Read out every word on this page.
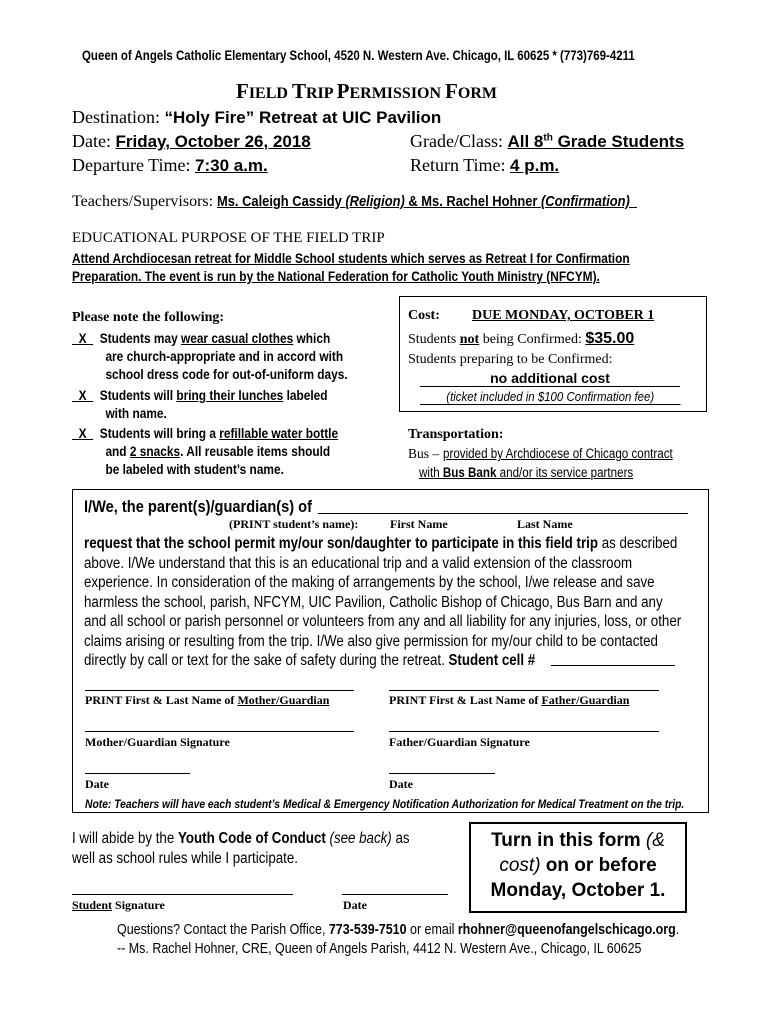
Queen of Angels Catholic Elementary School, 4520 N. Western Ave. Chicago, IL 60625 * (773)769-4211
FIELD TRIP PERMISSION FORM
Destination: “Holy Fire” Retreat at UIC Pavilion
Date: Friday, October 26, 2018	Grade/Class: All 8th Grade Students
Departure Time: 7:30 a.m.	Return Time: 4 p.m.
Teachers/Supervisors: Ms. Caleigh Cassidy (Religion) & Ms. Rachel Hohner (Confirmation)
EDUCATIONAL PURPOSE OF THE FIELD TRIP
Attend Archdiocesan retreat for Middle School students which serves as Retreat I for Confirmation
Preparation. The event is run by the National Federation for Catholic Youth Ministry (NFCYM).
Please note the following:
X Students may wear casual clothes which
are church-appropriate and in accord with
school dress code for out-of-uniform days.
X Students will bring their lunches labeled
with name.
X Students will bring a refillable water bottle
and 2 snacks. All reusable items should
be labeled with student’s name.
Cost: DUE MONDAY, OCTOBER 1
Students not being Confirmed: $35.00
Students preparing to be Confirmed:
no additional cost
(ticket included in $100 Confirmation fee)
Transportation:
Bus – provided by Archdiocese of Chicago contract
with Bus Bank and/or its service partners
I/We, the parent(s)/guardian(s) of
(PRINT student’s name):	First Name	Last Name
request that the school permit my/our son/daughter to participate in this field trip as described
above. I/We understand that this is an educational trip and a valid extension of the classroom
experience. In consideration of the making of arrangements by the school, I/we release and save
harmless the school, parish, NFCYM, UIC Pavilion, Catholic Bishop of Chicago, Bus Barn and any
and all school or parish personnel or volunteers from any and all liability for any injuries, loss, or other
claims arising or resulting from the trip. I/We also give permission for my/our child to be contacted
directly by call or text for the sake of safety during the retreat. Student cell #
PRINT First & Last Name of Mother/Guardian	PRINT First & Last Name of Father/Guardian
Mother/Guardian Signature	Father/Guardian Signature
Date	Date
Note: Teachers will have each student’s Medical & Emergency Notification Authorization for Medical Treatment on the trip.
I will abide by the Youth Code of Conduct (see back) as
well as school rules while I participate.
Student Signature	Date
Turn in this form (&
cost) on or before
Monday, October 1.
Questions? Contact the Parish Office, 773-539-7510 or email rhohner@queenofangelschicago.org.
-- Ms. Rachel Hohner, CRE, Queen of Angels Parish, 4412 N. Western Ave., Chicago, IL 60625
